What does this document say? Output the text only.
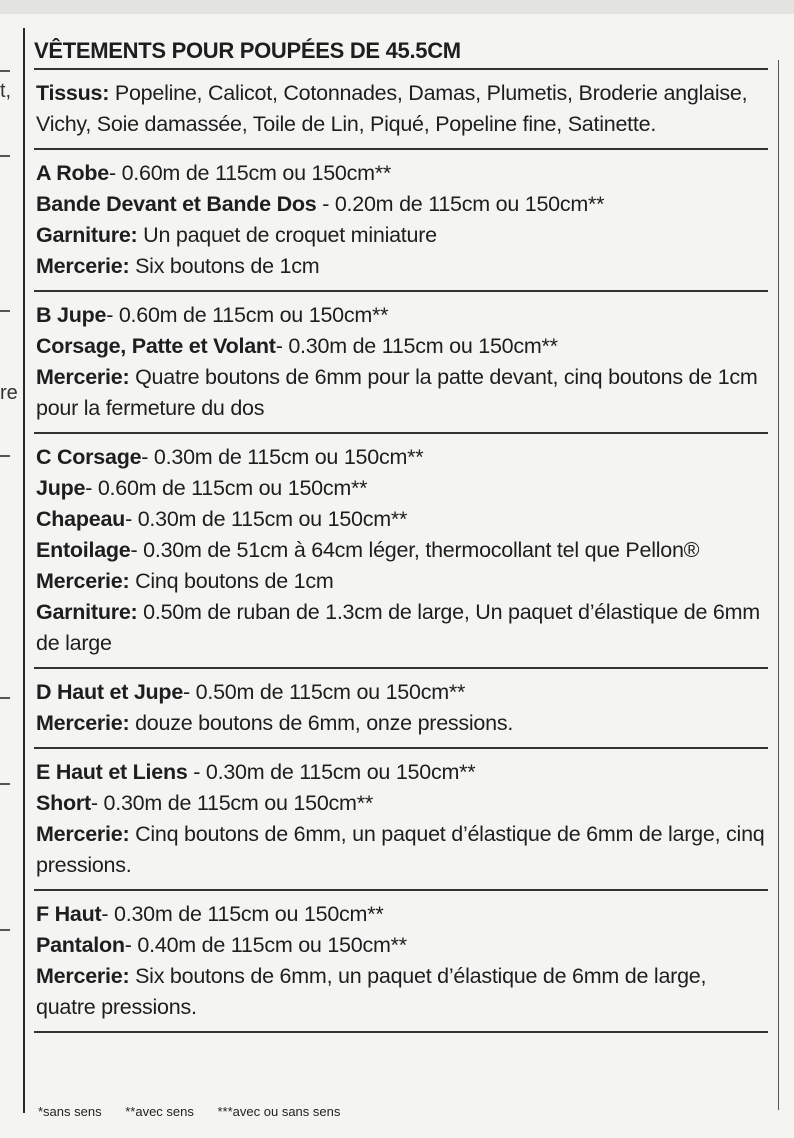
t,
re
VÊTEMENTS POUR POUPÉES DE 45.5CM
Tissus: Popeline, Calicot, Cotonnades, Damas, Plumetis, Broderie anglaise, Vichy, Soie damassée, Toile de Lin, Piqué, Popeline fine, Satinette.
A Robe- 0.60m de 115cm ou 150cm**
Bande Devant et Bande Dos - 0.20m de 115cm ou 150cm**
Garniture: Un paquet de croquet miniature
Mercerie: Six boutons de 1cm
B Jupe- 0.60m de 115cm ou 150cm**
Corsage, Patte et Volant- 0.30m de 115cm ou 150cm**
Mercerie: Quatre boutons de 6mm pour la patte devant, cinq boutons de 1cm pour la fermeture du dos
C Corsage- 0.30m de 115cm ou 150cm**
Jupe- 0.60m de 115cm ou 150cm**
Chapeau- 0.30m de 115cm ou 150cm**
Entoilage- 0.30m de 51cm à 64cm léger, thermocollant tel que Pellon®
Mercerie: Cinq boutons de 1cm
Garniture: 0.50m de ruban de 1.3cm de large, Un paquet d’élastique de 6mm de large
D Haut et Jupe- 0.50m de 115cm ou 150cm**
Mercerie: douze boutons de 6mm, onze pressions.
E Haut et Liens - 0.30m de 115cm ou 150cm**
Short- 0.30m de 115cm ou 150cm**
Mercerie: Cinq boutons de 6mm, un paquet d’élastique de 6mm de large, cinq pressions.
F Haut- 0.30m de 115cm ou 150cm**
Pantalon- 0.40m de 115cm ou 150cm**
Mercerie: Six boutons de 6mm, un paquet d’élastique de 6mm de large, quatre pressions.
*sans sens **avec sens ***avec ou sans sens
